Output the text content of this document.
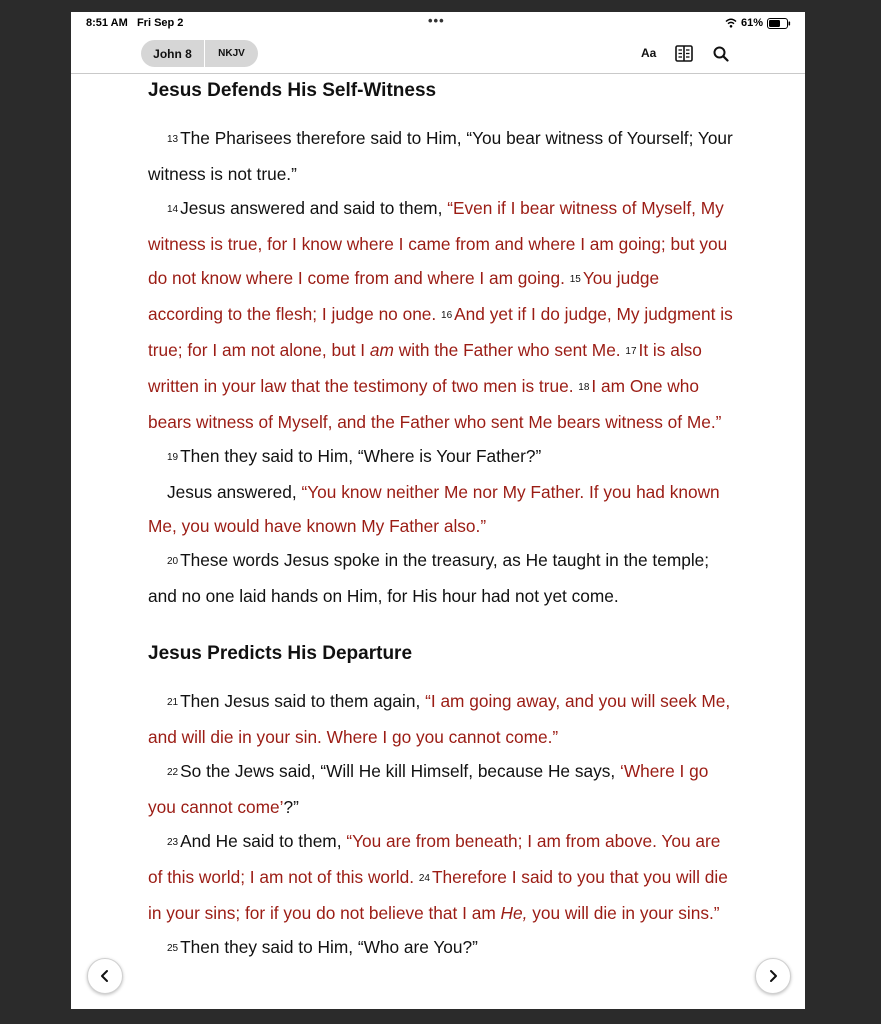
8:51 AM Fri Sep 2	•••	61%
John 8	NKJV	Aa
Jesus Defends His Self-Witness

13 The Pharisees therefore said to Him, “You bear witness of Yourself; Your witness is not true.”

14 Jesus answered and said to them, “Even if I bear witness of Myself, My witness is true, for I know where I came from and where I am going; but you do not know where I come from and where I am going. 15 You judge according to the flesh; I judge no one. 16 And yet if I do judge, My judgment is true; for I am not alone, but I am with the Father who sent Me. 17 It is also written in your law that the testimony of two men is true. 18 I am One who bears witness of Myself, and the Father who sent Me bears witness of Me.”

19 Then they said to Him, “Where is Your Father?”

Jesus answered, “You know neither Me nor My Father. If you had known Me, you would have known My Father also.”

20 These words Jesus spoke in the treasury, as He taught in the temple; and no one laid hands on Him, for His hour had not yet come.

Jesus Predicts His Departure

21 Then Jesus said to them again, “I am going away, and you will seek Me, and will die in your sin. Where I go you cannot come.”

22 So the Jews said, “Will He kill Himself, because He says, ‘Where I go you cannot come’?”

23 And He said to them, “You are from beneath; I am from above. You are of this world; I am not of this world. 24 Therefore I said to you that you will die in your sins; for if you do not believe that I am He, you will die in your sins.”

25 Then they said to Him, “Who are You?”
